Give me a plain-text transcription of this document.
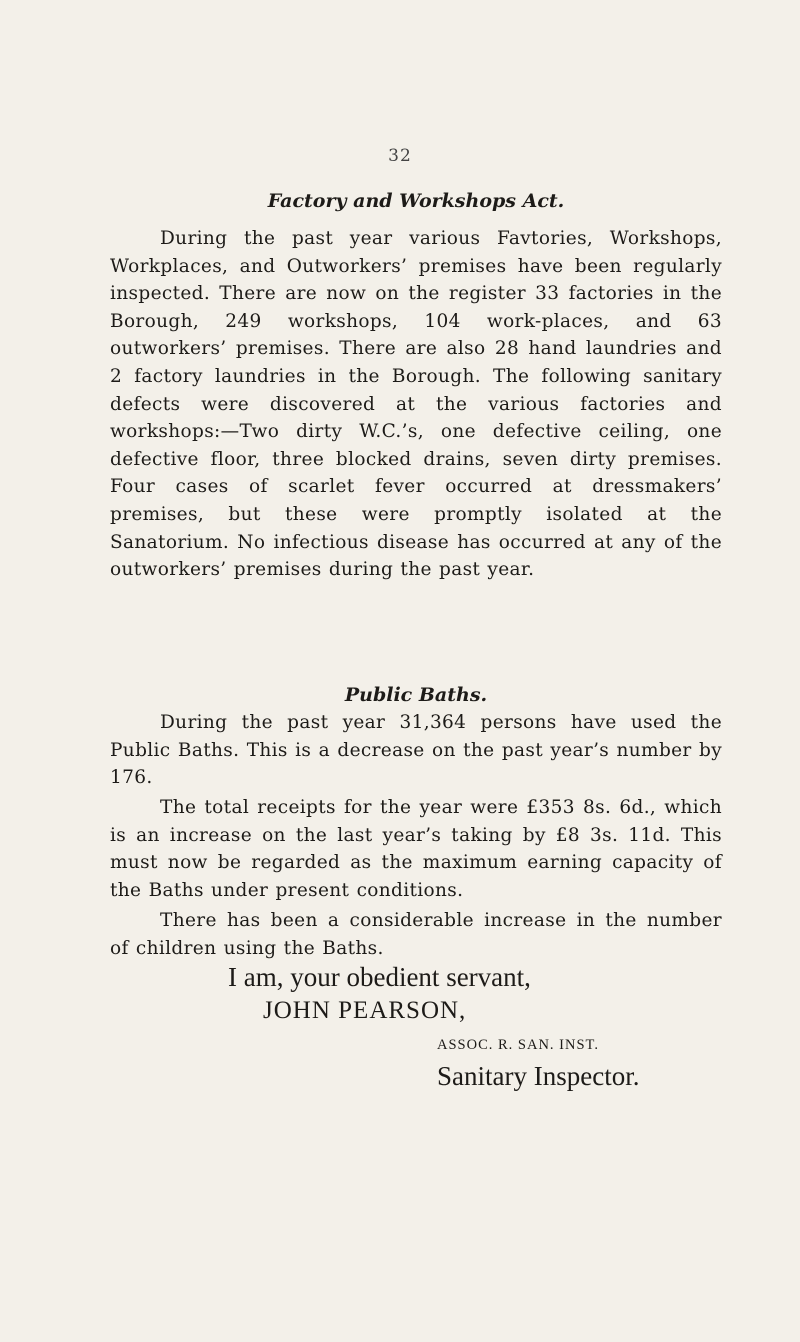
32
Factory and Workshops Act.

During the past year various Favtories, Workshops, Workplaces, and Outworkers’ premises have been regularly inspected. There are now on the register 33 factories in the Borough, 249 workshops, 104 work-places, and 63 outworkers’ premises. There are also 28 hand laundries and 2 factory laundries in the Borough. The following sanitary defects were discovered at the various factories and workshops:—Two dirty W.C.’s, one defective ceiling, one defective floor, three blocked drains, seven dirty premises. Four cases of scarlet fever occurred at dressmakers’ premises, but these were promptly isolated at the Sanatorium. No infectious disease has occurred at any of the outworkers’ premises during the past year.

Public Baths.

During the past year 31,364 persons have used the Public Baths. This is a decrease on the past year’s number by 176.

The total receipts for the year were £353 8s. 6d., which is an increase on the last year’s taking by £8 3s. 11d. This must now be regarded as the maximum earning capacity of the Baths under present conditions.

There has been a considerable increase in the number of children using the Baths.

I am, your obedient servant,

JOHN PEARSON,

ASSOC. R. SAN. INST.

Sanitary Inspector.
